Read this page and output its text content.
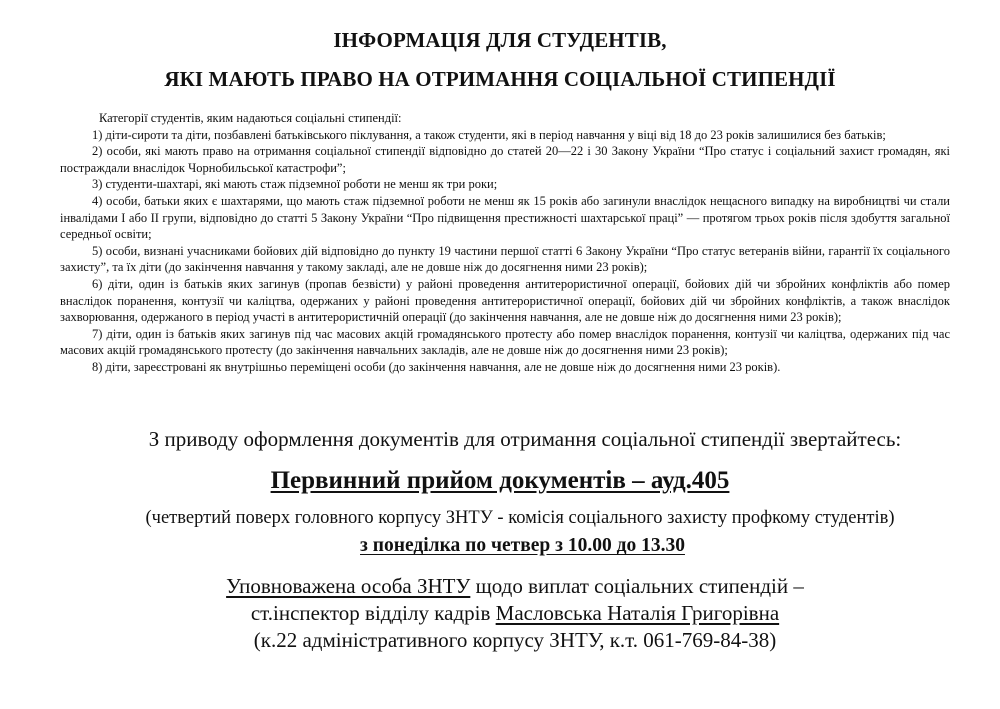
ІНФОРМАЦІЯ ДЛЯ СТУДЕНТІВ,
ЯКІ МАЮТЬ ПРАВО НА ОТРИМАННЯ СОЦІАЛЬНОЇ СТИПЕНДІЇ

Категорії студентів, яким надаються соціальні стипендії:

1) діти-сироти та діти, позбавлені батьківського піклування, а також студенти, які в період навчання у віці від 18 до 23 років залишилися без батьків;

2) особи, які мають право на отримання соціальної стипендії відповідно до статей 20—22 і 30 Закону України “Про статус і соціальний захист громадян, які постраждали внаслідок Чорнобильської катастрофи”;

3) студенти-шахтарі, які мають стаж підземної роботи не менш як три роки;

4) особи, батьки яких є шахтарями, що мають стаж підземної роботи не менш як 15 років або загинули внаслідок нещасного випадку на виробництві чи стали інвалідами І або ІІ групи, відповідно до статті 5 Закону України “Про підвищення престижності шахтарської праці” — протягом трьох років після здобуття загальної середньої освіти;

5) особи, визнані учасниками бойових дій відповідно до пункту 19 частини першої статті 6 Закону України “Про статус ветеранів війни, гарантії їх соціального захисту”, та їх діти (до закінчення навчання у такому закладі, але не довше ніж до досягнення ними 23 років);

6) діти, один із батьків яких загинув (пропав безвісти) у районі проведення антитерористичної операції, бойових дій чи збройних конфліктів або помер внаслідок поранення, контузії чи каліцтва, одержаних у районі проведення антитерористичної операції, бойових дій чи збройних конфліктів, а також внаслідок захворювання, одержаного в період участі в антитерористичній операції (до закінчення навчання, але не довше ніж до досягнення ними 23 років);

7) діти, один із батьків яких загинув під час масових акцій громадянського протесту або помер внаслідок поранення, контузії чи каліцтва, одержаних під час масових акцій громадянського протесту (до закінчення навчальних закладів, але не довше ніж до досягнення ними 23 років);

8) діти, зареєстровані як внутрішньо переміщені особи (до закінчення навчання, але не довше ніж до досягнення ними 23 років).

З приводу оформлення документів для отримання соціальної стипендії звертайтесь:
Первинний прийом документів – ауд.405
(четвертий поверх головного корпусу ЗНТУ - комісія соціального захисту профкому студентів)
з понеділка по четвер з 10.00 до 13.30
Уповноважена особа ЗНТУ щодо виплат соціальних стипендій –
ст.інспектор відділу кадрів Масловська Наталія Григорівна
(к.22 адміністративного корпусу ЗНТУ, к.т. 061-769-84-38)
